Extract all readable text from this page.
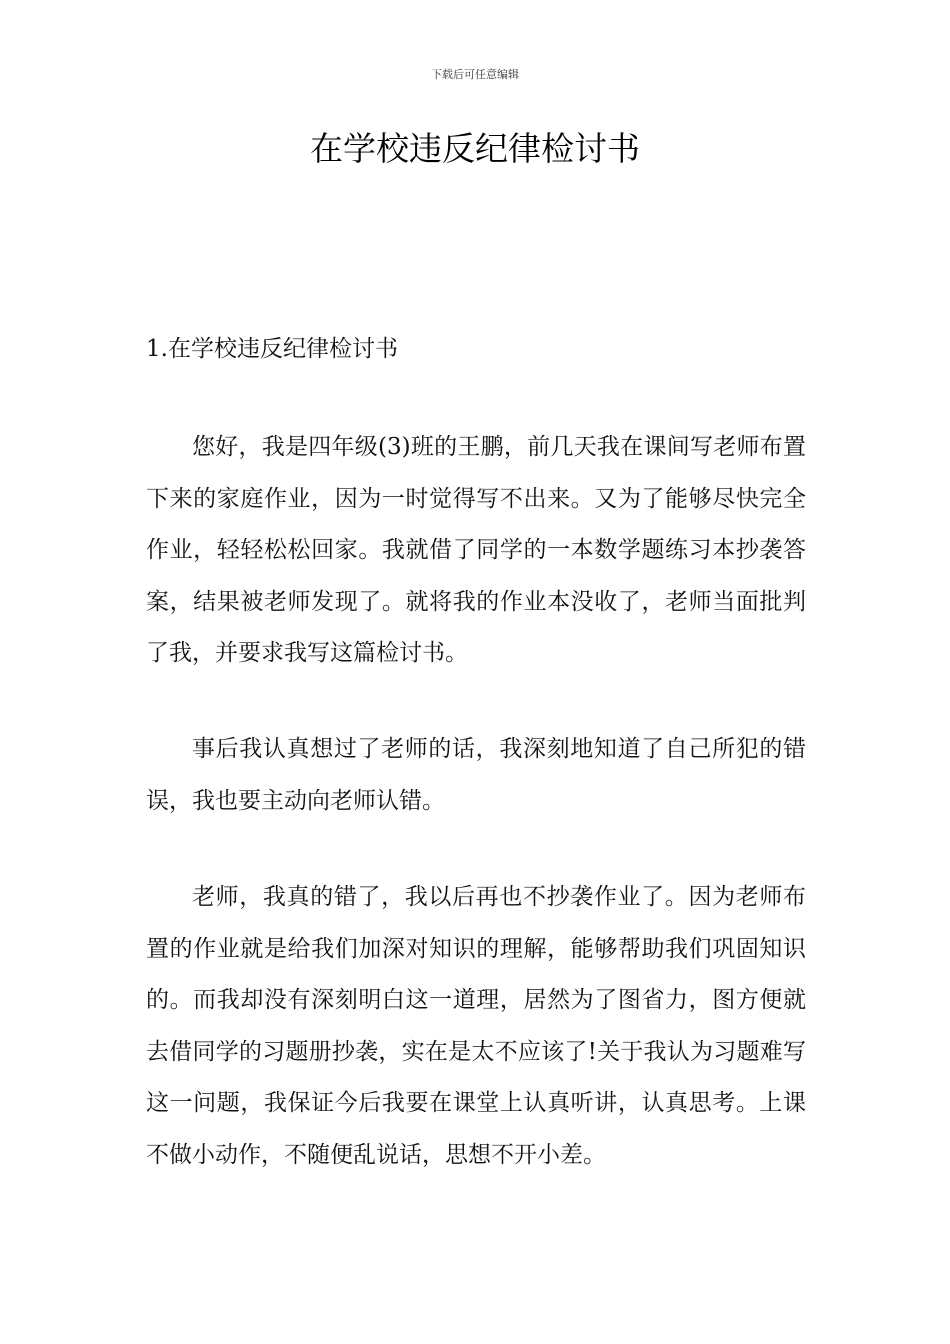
下载后可任意编辑
在学校违反纪律检讨书
1.在学校违反纪律检讨书

您好，我是四年级(3)班的王鹏，前几天我在课间写老师布置下来的家庭作业，因为一时觉得写不出来。又为了能够尽快完全作业，轻轻松松回家。我就借了同学的一本数学题练习本抄袭答案，结果被老师发现了。就将我的作业本没收了，老师当面批判了我，并要求我写这篇检讨书。

事后我认真想过了老师的话，我深刻地知道了自己所犯的错误，我也要主动向老师认错。

老师，我真的错了，我以后再也不抄袭作业了。因为老师布置的作业就是给我们加深对知识的理解，能够帮助我们巩固知识的。而我却没有深刻明白这一道理，居然为了图省力，图方便就去借同学的习题册抄袭，实在是太不应该了!关于我认为习题难写这一问题，我保证今后我要在课堂上认真听讲，认真思考。上课不做小动作，不随便乱说话，思想不开小差。
